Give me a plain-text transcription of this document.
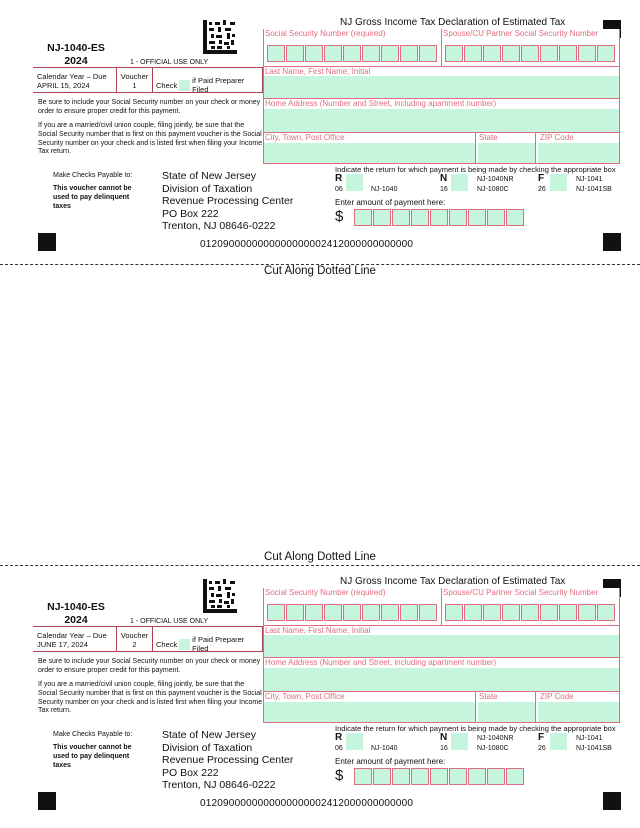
NJ-1040-ES
2024	1 - OFFICIAL USE ONLY
Calendar Year – Due
APRIL 15, 2024
Voucher
1	Check if Paid Preparer Filed
Be sure to include your Social Security number on your check or money order to ensure proper credit for this payment.
If you are a married/civil union couple, filing jointly, be sure that the Social Security number that is first on this payment voucher is the Social Security number on your check and is listed first when filing your Income Tax return.
Make Checks Payable to:
This voucher cannot be used to pay delinquent taxes
State of New Jersey
Division of Taxation
Revenue Processing Center
PO Box 222
Trenton, NJ 08646-0222
NJ Gross Income Tax Declaration of Estimated Tax
Social Security Number (required)	Spouse/CU Partner Social Security Number
Last Name, First Name, Initial
Home Address (Number and Street, including apartment number)
City, Town, Post Office	State	ZIP Code
Indicate the return for which payment is being made by checking the appropriate box
R
06	NJ-1040
N
16
NJ-1040NR
NJ-1080C
F
26
NJ-1041
NJ-1041SB
Enter amount of payment here:
$
0120900000000000000002412000000000000
Cut Along Dotted Line
Cut Along Dotted Line
NJ-1040-ES
2024	1 - OFFICIAL USE ONLY
Calendar Year – Due
JUNE 17, 2024
Voucher
2	Check if Paid Preparer Filed
Be sure to include your Social Security number on your check or money order to ensure proper credit for this payment.
If you are a married/civil union couple, filing jointly, be sure that the Social Security number that is first on this payment voucher is the Social Security number on your check and is listed first when filing your Income Tax return.
Make Checks Payable to:
This voucher cannot be used to pay delinquent taxes
State of New Jersey
Division of Taxation
Revenue Processing Center
PO Box 222
Trenton, NJ 08646-0222
NJ Gross Income Tax Declaration of Estimated Tax
Social Security Number (required)	Spouse/CU Partner Social Security Number
Last Name, First Name, Initial
Home Address (Number and Street, including apartment number)
City, Town, Post Office	State	ZIP Code
Indicate the return for which payment is being made by checking the appropriate box
R
06	NJ-1040
N
16
NJ-1040NR
NJ-1080C
F
26
NJ-1041
NJ-1041SB
Enter amount of payment here:
$
0120900000000000000002412000000000000
